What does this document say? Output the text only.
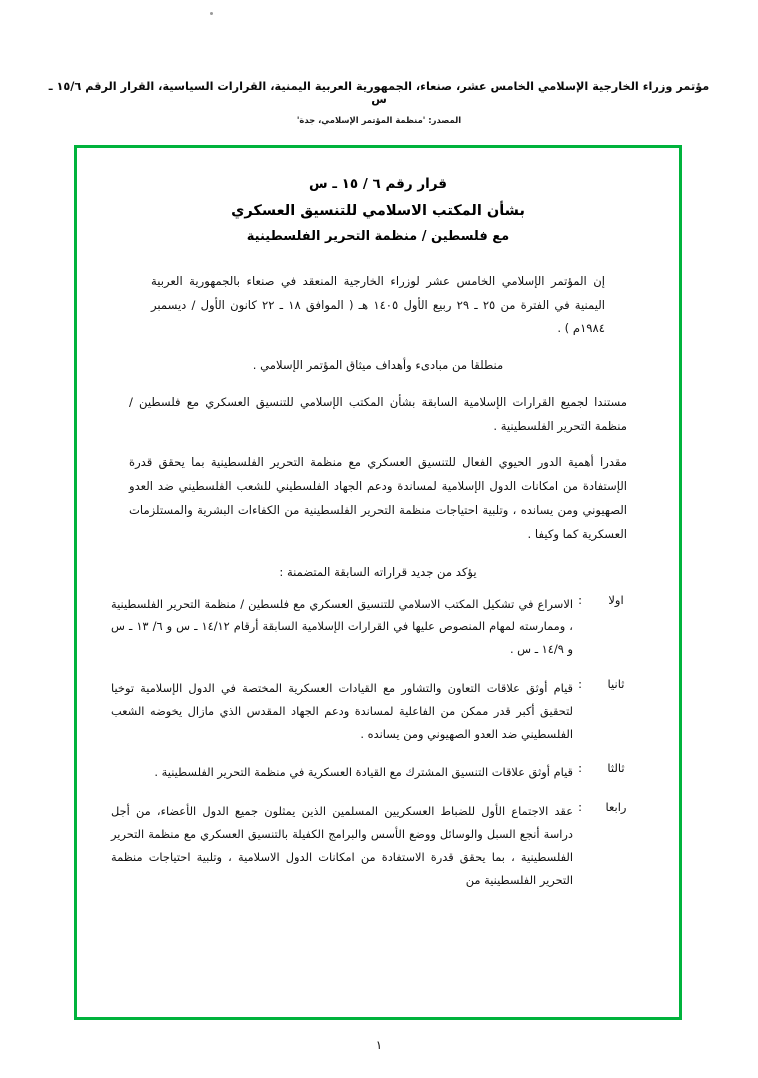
مؤتمر وزراء الخارجية الإسلامي الخامس عشر، صنعاء، الجمهورية العربية اليمنية، القرارات السياسية، القرار الرقم ١٥/٦ ـ س
المصدر: 'منظمة المؤتمر الإسلامي، جدة'
قرار رقم ٦ / ١٥ ـ س
بشأن المكتب الاسلامي للتنسيق العسكري
مع فلسطين / منظمة التحرير الفلسطينية
إن المؤتمر الإسلامي الخامس عشر لوزراء الخارجية المنعقد في صنعاء بالجمهورية العربية اليمنية في الفترة من ٢٥ ـ ٢٩ ربيع الأول ١٤٠٥ هـ ( الموافق ١٨ ـ ٢٢ كانون الأول / ديسمبر ١٩٨٤م ) .
منطلقا من مبادىء وأهداف ميثاق المؤتمر الإسلامي .
مستندا لجميع القرارات الإسلامية السابقة بشأن المكتب الإسلامي للتنسيق العسكري مع فلسطين / منظمة التحرير الفلسطينية .
مقدرا أهمية الدور الحيوي الفعال للتنسيق العسكري مع منظمة التحرير الفلسطينية بما يحقق قدرة الإستفادة من امكانات الدول الإسلامية لمساندة ودعم الجهاد الفلسطيني للشعب الفلسطيني ضد العدو الصهيوني ومن يسانده ، وتلبية احتياجات منظمة التحرير الفلسطينية من الكفاءات البشرية والمستلزمات العسكرية كما وكيفا .
يؤكد من جديد قراراته السابقة المتضمنة :
اولا	:	الاسراع في تشكيل المكتب الاسلامي للتنسيق العسكري مع فلسطين / منظمة التحرير الفلسطينية ، وممارسته لمهام المنصوص عليها في القرارات الإسلامية السابقة أرقام ١٤/١٢ ـ س و ٦/ ١٣ ـ س و ١٤/٩ ـ س .
ثانيا	:	قيام أوثق علاقات التعاون والتشاور مع القيادات العسكرية المختصة في الدول الإسلامية توخيا لتحقيق أكبر قدر ممكن من الفاعلية لمساندة ودعم الجهاد المقدس الذي مازال يخوضه الشعب الفلسطيني ضد العدو الصهيوني ومن يسانده .
ثالثا	:	قيام أوثق علاقات التنسيق المشترك مع القيادة العسكرية في منظمة التحرير الفلسطينية .
رابعا	:	عقد الاجتماع الأول للضباط العسكريين المسلمين الذين يمثلون جميع الدول الأعضاء، من أجل دراسة أنجع السبل والوسائل ووضع الأسس والبرامج الكفيلة بالتنسيق العسكري مع منظمة التحرير الفلسطينية ، بما يحقق قدرة الاستفادة من امكانات الدول الاسلامية ، وتلبية احتياجات منظمة التحرير الفلسطينية من
١
